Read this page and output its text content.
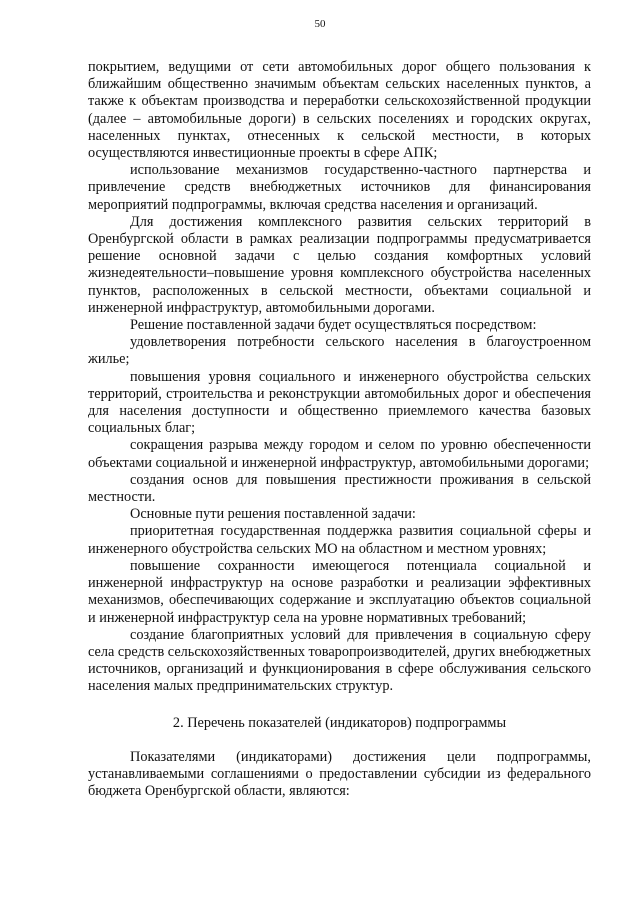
50

покрытием, ведущими от сети автомобильных дорог общего пользования к ближайшим общественно значимым объектам сельских населенных пунктов, а также к объектам производства и переработки сельскохозяйственной продукции (далее – автомобильные дороги) в сельских поселениях и городских округах, населенных пунктах, отнесенных к сельской местности, в которых осуществляются инвестиционные проекты в сфере АПК;

использование механизмов государственно-частного партнерства и привлечение средств внебюджетных источников для финансирования мероприятий подпрограммы, включая средства населения и организаций.

Для достижения комплексного развития сельских территорий в Оренбургской области в рамках реализации подпрограммы предусматривается решение основной задачи с целью создания комфортных условий жизнедеятельности–повышение уровня комплексного обустройства населенных пунктов, расположенных в сельской местности, объектами социальной и инженерной инфраструктур, автомобильными дорогами.

Решение поставленной задачи будет осуществляться посредством:

удовлетворения потребности сельского населения в благоустроенном жилье;

повышения уровня социального и инженерного обустройства сельских территорий, строительства и реконструкции автомобильных дорог и обеспечения для населения доступности и общественно приемлемого качества базовых социальных благ;

сокращения разрыва между городом и селом по уровню обеспеченности объектами социальной и инженерной инфраструктур, автомобильными дорогами;

создания основ для повышения престижности проживания в сельской местности.

Основные пути решения поставленной задачи:

приоритетная государственная поддержка развития социальной сферы и инженерного обустройства сельских МО на областном и местном уровнях;

повышение сохранности имеющегося потенциала социальной и инженерной инфраструктур на основе разработки и реализации эффективных механизмов, обеспечивающих содержание и эксплуатацию объектов социальной и инженерной инфраструктур села на уровне нормативных требований;

создание благоприятных условий для привлечения в социальную сферу села средств сельскохозяйственных товаропроизводителей, других внебюджетных источников, организаций и функционирования в сфере обслуживания сельского населения малых предпринимательских структур.

2. Перечень показателей (индикаторов) подпрограммы

Показателями (индикаторами) достижения цели подпрограммы, устанавливаемыми соглашениями о предоставлении субсидии из федерального бюджета Оренбургской области, являются:
